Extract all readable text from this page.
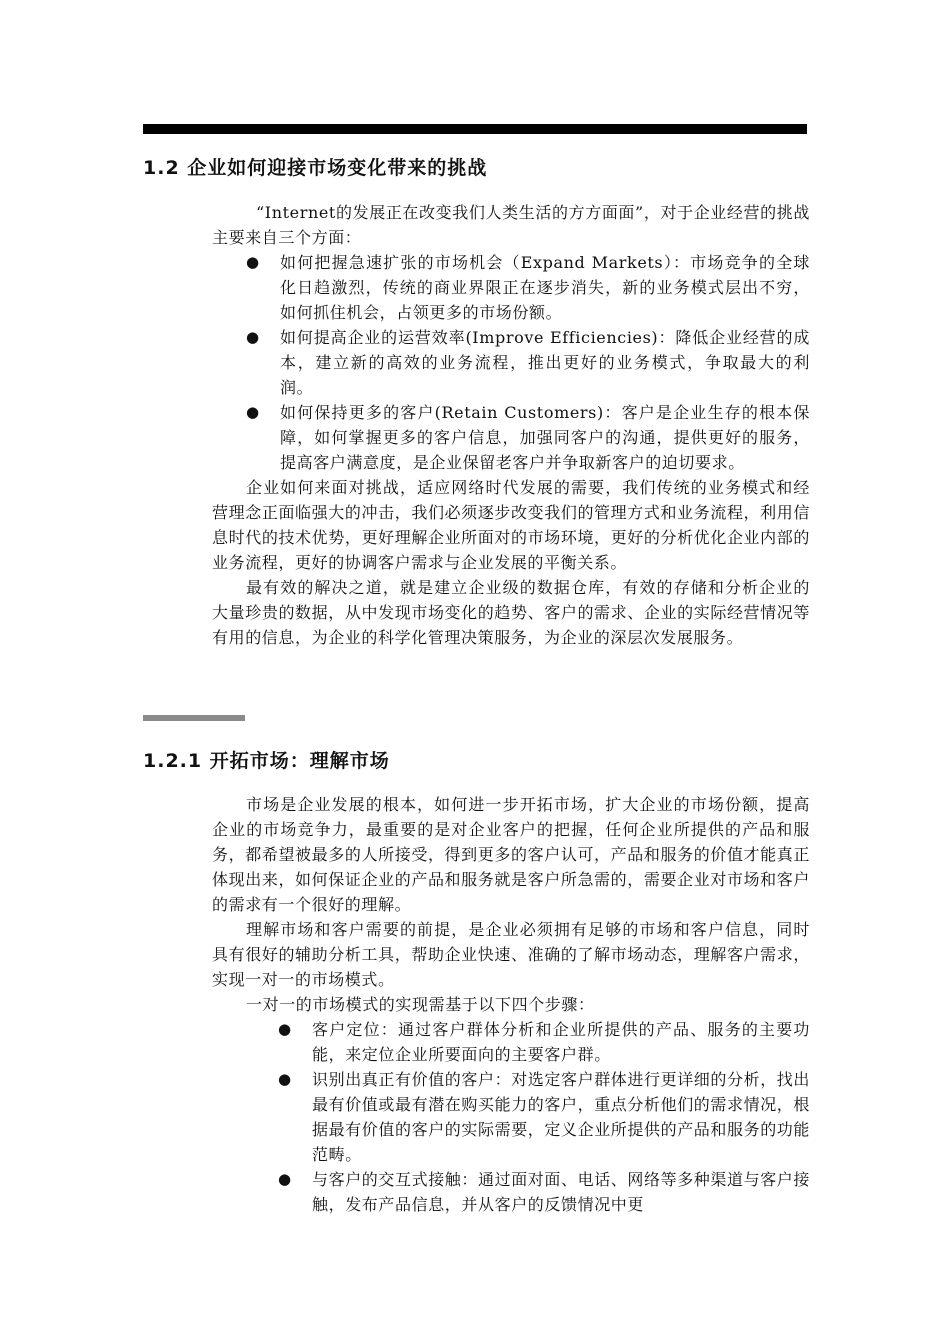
1.2 企业如何迎接市场变化带来的挑战

“Internet的发展正在改变我们人类生活的方方面面”，对于企业经营的挑战主要来自三个方面：

● 如何把握急速扩张的市场机会（Expand Markets）：市场竞争的全球化日趋激烈，传统的商业界限正在逐步消失，新的业务模式层出不穷，如何抓住机会，占领更多的市场份额。
● 如何提高企业的运营效率(Improve Efficiencies)：降低企业经营的成本，建立新的高效的业务流程，推出更好的业务模式，争取最大的利润。
● 如何保持更多的客户(Retain Customers)：客户是企业生存的根本保障，如何掌握更多的客户信息，加强同客户的沟通，提供更好的服务，提高客户满意度，是企业保留老客户并争取新客户的迫切要求。

企业如何来面对挑战，适应网络时代发展的需要，我们传统的业务模式和经营理念正面临强大的冲击，我们必须逐步改变我们的管理方式和业务流程，利用信息时代的技术优势，更好理解企业所面对的市场环境，更好的分析优化企业内部的业务流程，更好的协调客户需求与企业发展的平衡关系。

最有效的解决之道，就是建立企业级的数据仓库，有效的存储和分析企业的大量珍贵的数据，从中发现市场变化的趋势、客户的需求、企业的实际经营情况等有用的信息，为企业的科学化管理决策服务，为企业的深层次发展服务。

1.2.1 开拓市场：理解市场

市场是企业发展的根本，如何进一步开拓市场，扩大企业的市场份额，提高企业的市场竞争力，最重要的是对企业客户的把握，任何企业所提供的产品和服务，都希望被最多的人所接受，得到更多的客户认可，产品和服务的价值才能真正体现出来，如何保证企业的产品和服务就是客户所急需的，需要企业对市场和客户的需求有一个很好的理解。

理解市场和客户需要的前提，是企业必须拥有足够的市场和客户信息，同时具有很好的辅助分析工具，帮助企业快速、准确的了解市场动态，理解客户需求，实现一对一的市场模式。

一对一的市场模式的实现需基于以下四个步骤：

● 客户定位：通过客户群体分析和企业所提供的产品、服务的主要功能，来定位企业所要面向的主要客户群。
● 识别出真正有价值的客户：对选定客户群体进行更详细的分析，找出最有价值或最有潜在购买能力的客户，重点分析他们的需求情况，根据最有价值的客户的实际需要，定义企业所提供的产品和服务的功能范畴。
● 与客户的交互式接触：通过面对面、电话、网络等多种渠道与客户接触，发布产品信息，并从客户的反馈情况中更
